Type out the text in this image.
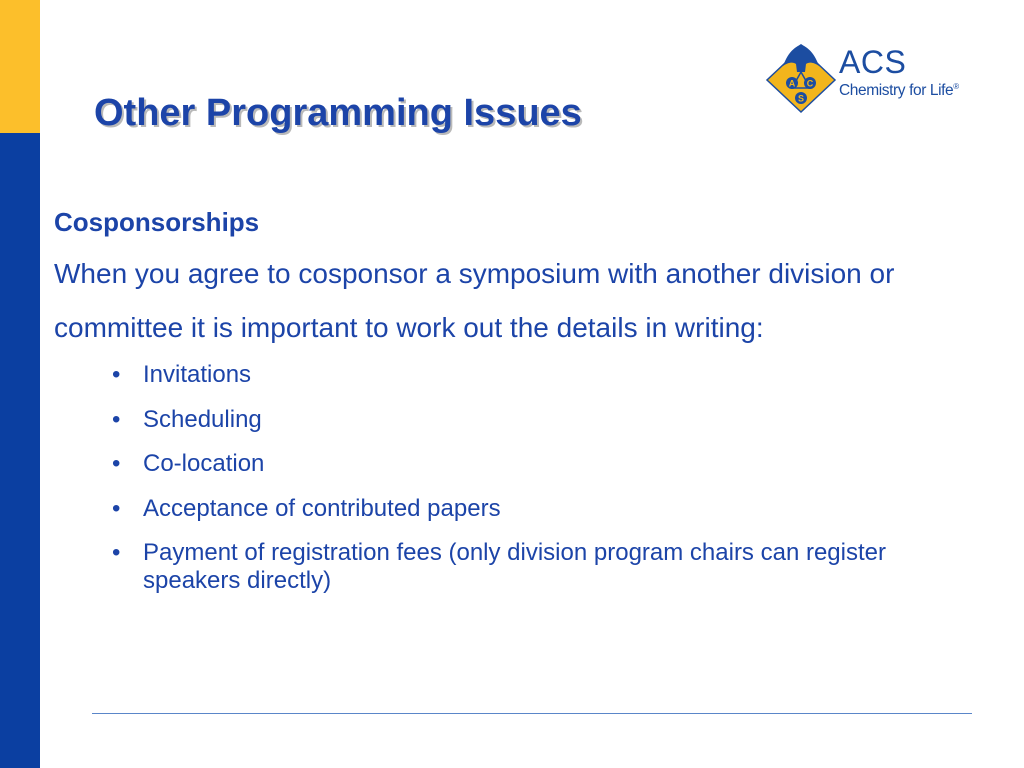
Other Programming Issues
A C
S
ACS
Chemistry for Life®
Cosponsorships

When you agree to cosponsor a symposium with another division or committee it is important to work out the details in writing:

• Invitations
• Scheduling
• Co-location
• Acceptance of contributed papers
• Payment of registration fees (only division program chairs can register speakers directly)
